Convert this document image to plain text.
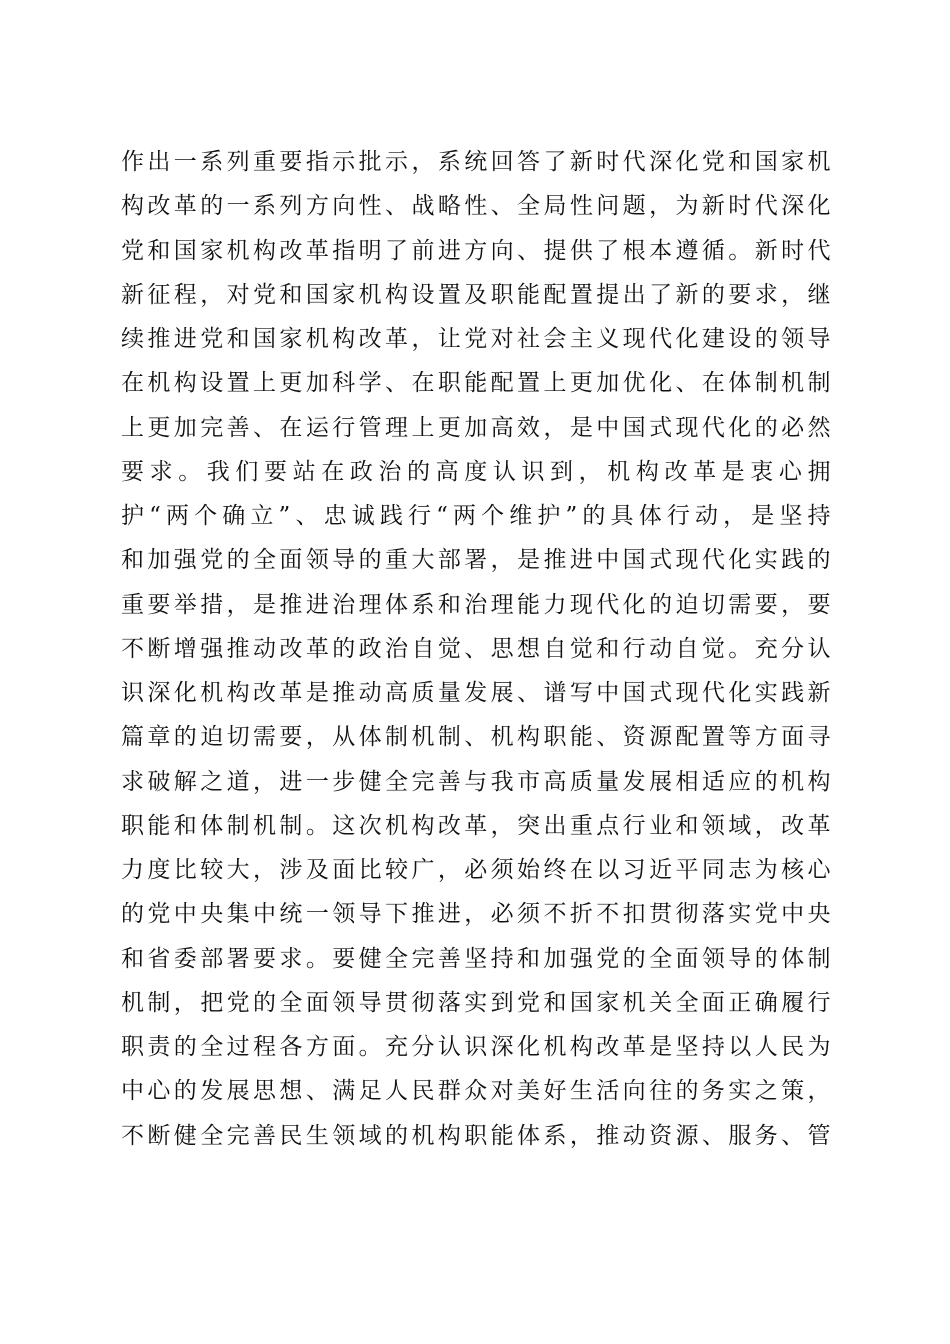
作出一系列重要指示批示，系统回答了新时代深化党和国家机
构改革的一系列方向性、战略性、全局性问题，为新时代深化
党和国家机构改革指明了前进方向、提供了根本遵循。新时代
新征程，对党和国家机构设置及职能配置提出了新的要求，继
续推进党和国家机构改革，让党对社会主义现代化建设的领导
在机构设置上更加科学、在职能配置上更加优化、在体制机制
上更加完善、在运行管理上更加高效，是中国式现代化的必然
要求。我们要站在政治的高度认识到，机构改革是衷心拥
护“两个确立”、忠诚践行“两个维护”的具体行动，是坚持
和加强党的全面领导的重大部署，是推进中国式现代化实践的
重要举措，是推进治理体系和治理能力现代化的迫切需要，要
不断增强推动改革的政治自觉、思想自觉和行动自觉。充分认
识深化机构改革是推动高质量发展、谱写中国式现代化实践新
篇章的迫切需要，从体制机制、机构职能、资源配置等方面寻
求破解之道，进一步健全完善与我市高质量发展相适应的机构
职能和体制机制。这次机构改革，突出重点行业和领域，改革
力度比较大，涉及面比较广，必须始终在以习近平同志为核心
的党中央集中统一领导下推进，必须不折不扣贯彻落实党中央
和省委部署要求。要健全完善坚持和加强党的全面领导的体制
机制，把党的全面领导贯彻落实到党和国家机关全面正确履行
职责的全过程各方面。充分认识深化机构改革是坚持以人民为
中心的发展思想、满足人民群众对美好生活向往的务实之策，
不断健全完善民生领域的机构职能体系，推动资源、服务、管
